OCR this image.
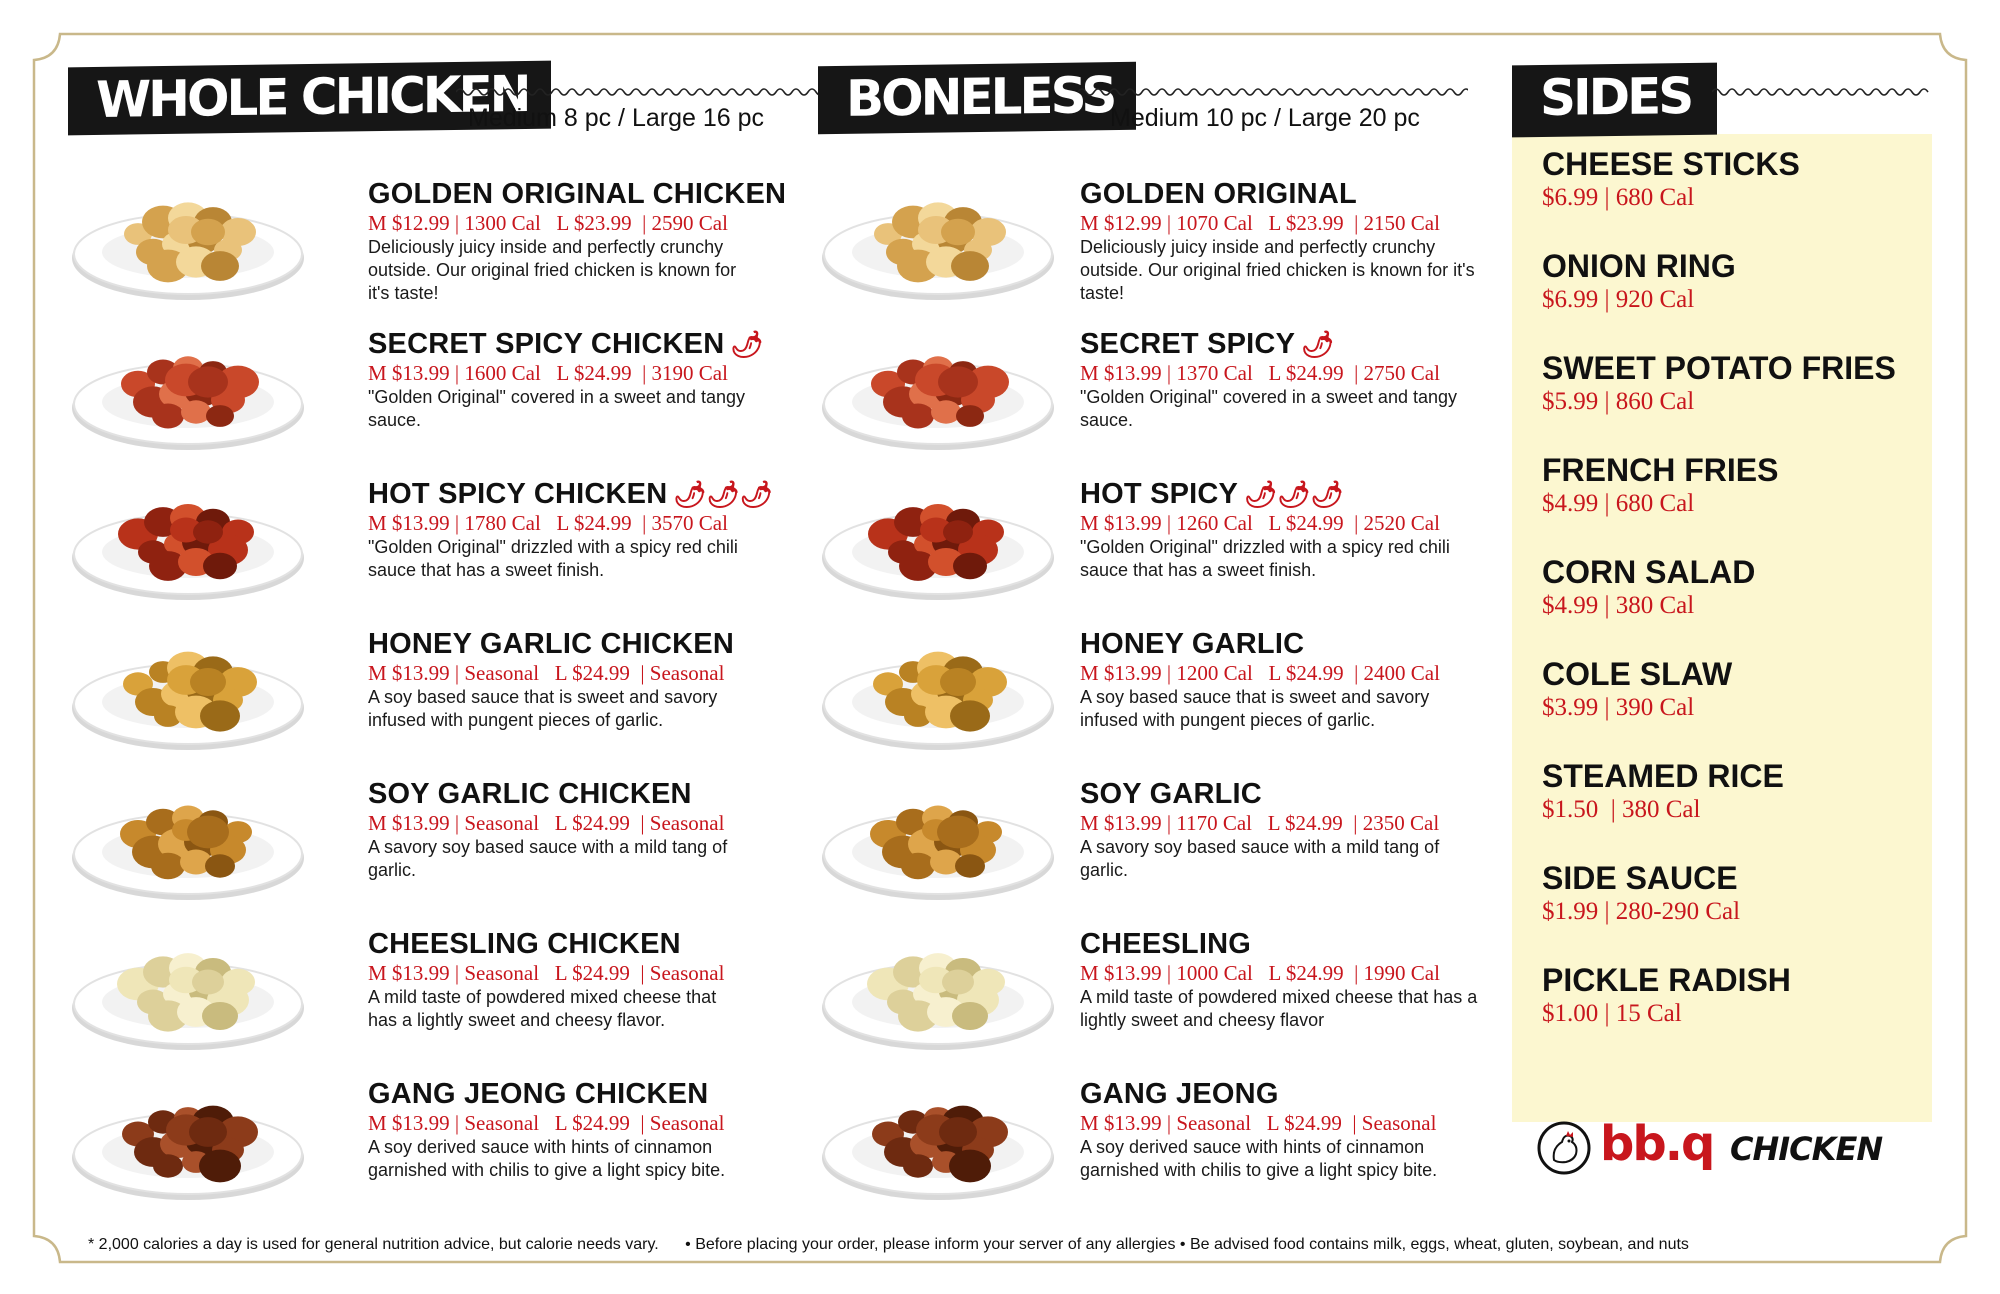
WHOLE CHICKEN
Medium 8 pc / Large 16 pc
GOLDEN ORIGINAL CHICKEN
M $12.99 | 1300 Cal   L $23.99  | 2590 Cal
Deliciously juicy inside and perfectly crunchy outside. Our original fried chicken is known for it's taste!
SECRET SPICY CHICKEN 🌶
M $13.99 | 1600 Cal   L $24.99  | 3190 Cal
"Golden Original" covered in a sweet and tangy sauce.
HOT SPICY CHICKEN 🌶🌶🌶
M $13.99 | 1780 Cal   L $24.99  | 3570 Cal
"Golden Original" drizzled with a spicy red chili sauce that has a sweet finish.
HONEY GARLIC CHICKEN
M $13.99 | Seasonal   L $24.99  | Seasonal
A soy based sauce that is sweet and savory infused with pungent pieces of garlic.
SOY GARLIC CHICKEN
M $13.99 | Seasonal   L $24.99  | Seasonal
A savory soy based sauce with a mild tang of garlic.
CHEESLING CHICKEN
M $13.99 | Seasonal   L $24.99  | Seasonal
A mild taste of powdered mixed cheese that has a lightly sweet and cheesy flavor.
GANG JEONG CHICKEN
M $13.99 | Seasonal   L $24.99  | Seasonal
A soy derived sauce with hints of cinnamon garnished with chilis to give a light spicy bite.
BONELESS
Medium 10 pc / Large 20 pc
GOLDEN ORIGINAL
M $12.99 | 1070 Cal   L $23.99  | 2150 Cal
Deliciously juicy inside and perfectly crunchy outside. Our original fried chicken is known for it's taste!
SECRET SPICY 🌶
M $13.99 | 1370 Cal   L $24.99  | 2750 Cal
"Golden Original" covered in a sweet and tangy sauce.
HOT SPICY 🌶🌶🌶
M $13.99 | 1260 Cal   L $24.99  | 2520 Cal
"Golden Original" drizzled with a spicy red chili sauce that has a sweet finish.
HONEY GARLIC
M $13.99 | 1200 Cal   L $24.99  | 2400 Cal
A soy based sauce that is sweet and savory infused with pungent pieces of garlic.
SOY GARLIC
M $13.99 | 1170 Cal   L $24.99  | 2350 Cal
A savory soy based sauce with a mild tang of garlic.
CHEESLING
M $13.99 | 1000 Cal   L $24.99  | 1990 Cal
A mild taste of powdered mixed cheese that has a lightly sweet and cheesy flavor
GANG JEONG
M $13.99 | Seasonal   L $24.99  | Seasonal
A soy derived sauce with hints of cinnamon garnished with chilis to give a light spicy bite.
SIDES
CHEESE STICKS
$6.99 | 680 Cal
ONION RING
$6.99 | 920 Cal
SWEET POTATO FRIES
$5.99 | 860 Cal
FRENCH FRIES
$4.99 | 680 Cal
CORN SALAD
$4.99 | 380 Cal
COLE SLAW
$3.99 | 390 Cal
STEAMED RICE
$1.50  | 380 Cal
SIDE SAUCE
$1.99 | 280-290 Cal
PICKLE RADISH
$1.00 | 15 Cal
bb.q CHICKEN
* 2,000 calories a day is used for general nutrition advice, but calorie needs vary. • Before placing your order, please inform your server of any allergies • Be advised food contains milk, eggs, wheat, gluten, soybean, and nuts
